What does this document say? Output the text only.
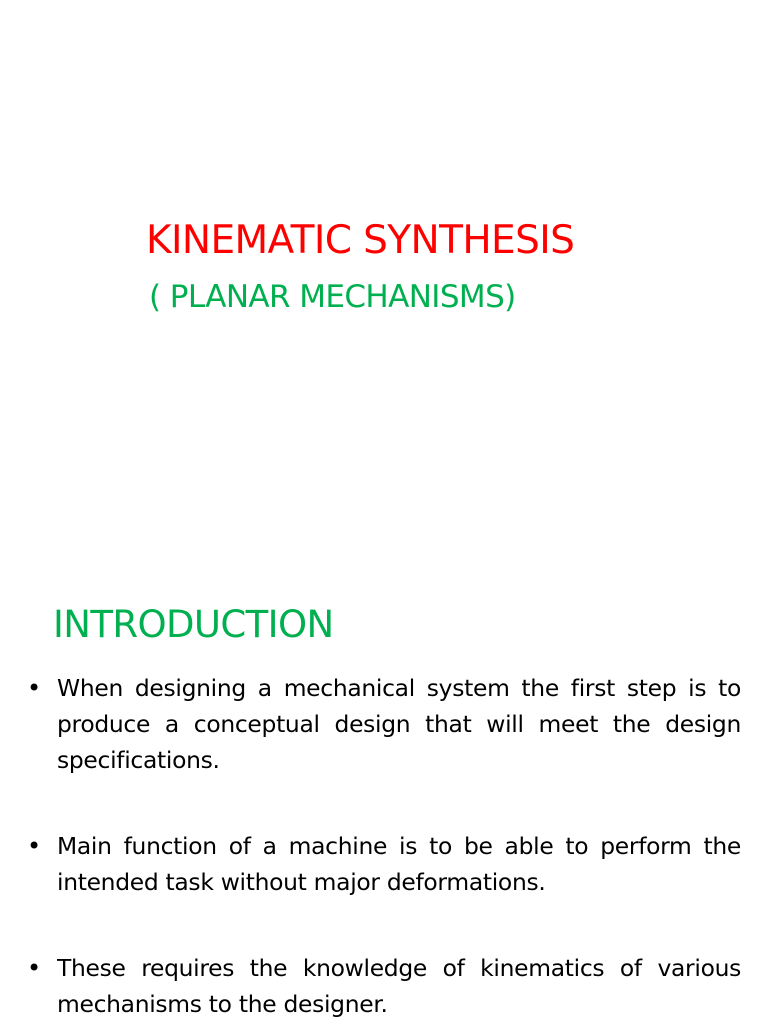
KINEMATIC SYNTHESIS
( PLANAR MECHANISMS)
INTRODUCTION
• When designing a mechanical system the first step is to
produce a conceptual design that will meet the design
specifications.
• Main function of a machine is to be able to perform the
intended task without major deformations.
• These requires the knowledge of kinematics of various
mechanisms to the designer.
